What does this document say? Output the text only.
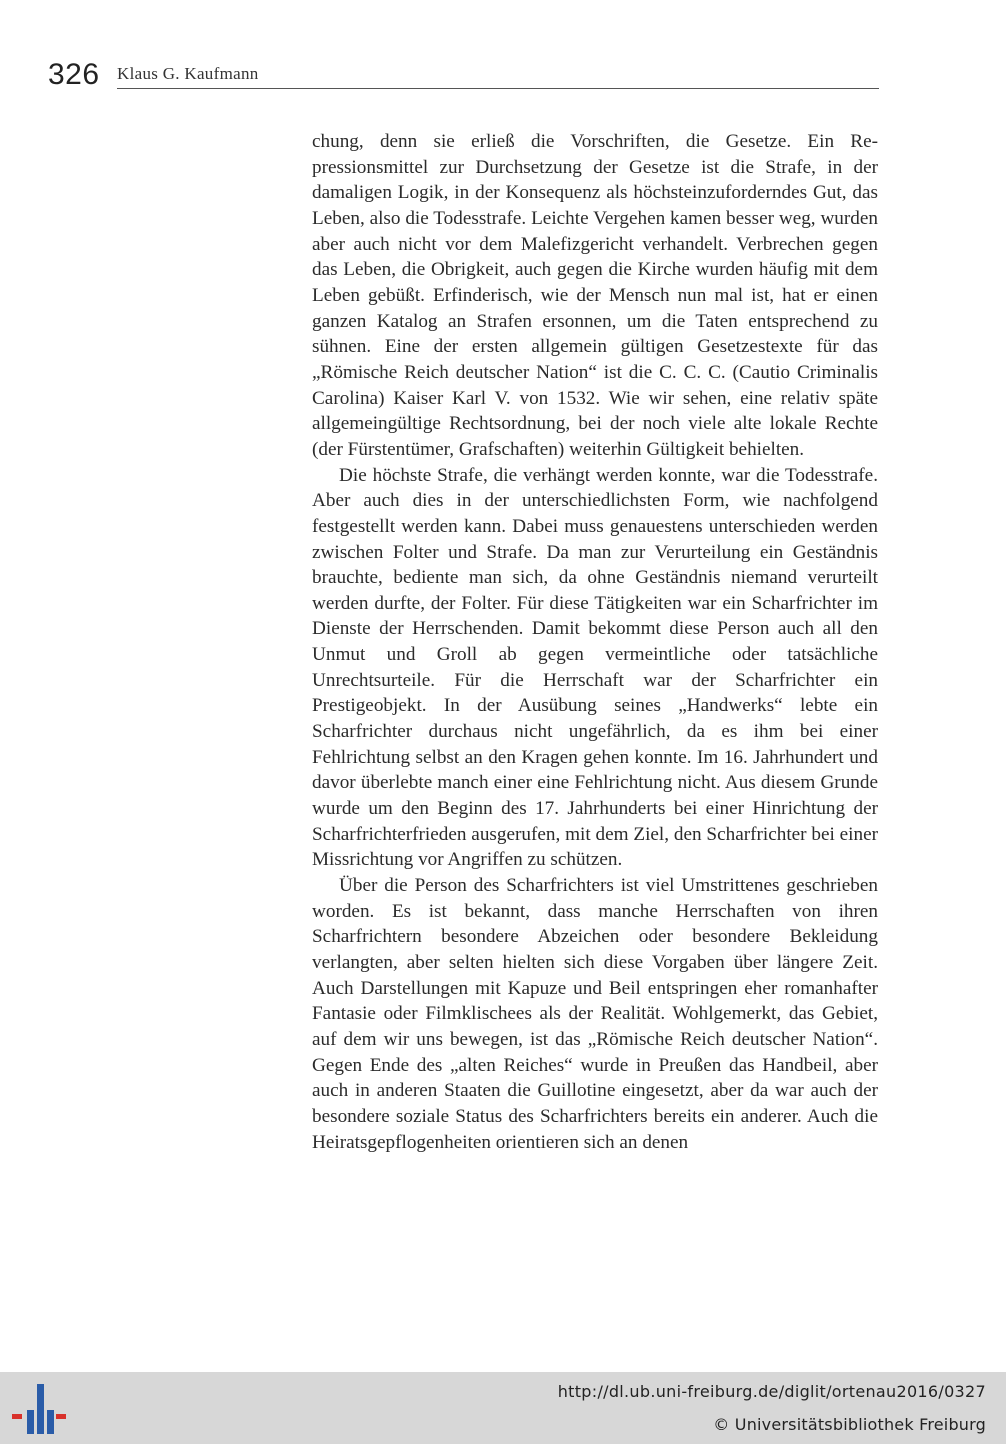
326 Klaus G. Kaufmann

chung, denn sie erließ die Vorschriften, die Gesetze. Ein Repressionsmittel zur Durchsetzung der Gesetze ist die Strafe, in der damaligen Logik, in der Konsequenz als höchsteinzuforderndes Gut, das Leben, also die Todesstrafe. Leichte Vergehen kamen besser weg, wurden aber auch nicht vor dem Malefizgericht verhandelt. Verbrechen gegen das Leben, die Obrigkeit, auch gegen die Kirche wurden häufig mit dem Leben gebüßt. Erfinderisch, wie der Mensch nun mal ist, hat er einen ganzen Katalog an Strafen ersonnen, um die Taten entsprechend zu sühnen. Eine der ersten allgemein gültigen Gesetzestexte für das „Römische Reich deutscher Nation“ ist die C. C. C. (Cautio Criminalis Carolina) Kaiser Karl V. von 1532. Wie wir sehen, eine relativ späte allgemeingültige Rechtsordnung, bei der noch viele alte lokale Rechte (der Fürstentümer, Grafschaften) weiterhin Gültigkeit behielten.

Die höchste Strafe, die verhängt werden konnte, war die Todesstrafe. Aber auch dies in der unterschiedlichsten Form, wie nachfolgend festgestellt werden kann. Dabei muss genauestens unterschieden werden zwischen Folter und Strafe. Da man zur Verurteilung ein Geständnis brauchte, bediente man sich, da ohne Geständnis niemand verurteilt werden durfte, der Folter. Für diese Tätigkeiten war ein Scharfrichter im Dienste der Herrschenden. Damit bekommt diese Person auch all den Unmut und Groll ab gegen vermeintliche oder tatsächliche Unrechtsurteile. Für die Herrschaft war der Scharfrichter ein Prestigeobjekt. In der Ausübung seines „Handwerks“ lebte ein Scharfrichter durchaus nicht ungefährlich, da es ihm bei einer Fehlrichtung selbst an den Kragen gehen konnte. Im 16. Jahrhundert und davor überlebte manch einer eine Fehlrichtung nicht. Aus diesem Grunde wurde um den Beginn des 17. Jahrhunderts bei einer Hinrichtung der Scharfrichterfrieden ausgerufen, mit dem Ziel, den Scharfrichter bei einer Missrichtung vor Angriffen zu schützen.

Über die Person des Scharfrichters ist viel Umstrittenes geschrieben worden. Es ist bekannt, dass manche Herrschaften von ihren Scharfrichtern besondere Abzeichen oder besondere Bekleidung verlangten, aber selten hielten sich diese Vorgaben über längere Zeit. Auch Darstellungen mit Kapuze und Beil entspringen eher romanhafter Fantasie oder Filmklischees als der Realität. Wohlgemerkt, das Gebiet, auf dem wir uns bewegen, ist das „Römische Reich deutscher Nation“. Gegen Ende des „alten Reiches“ wurde in Preußen das Handbeil, aber auch in anderen Staaten die Guillotine eingesetzt, aber da war auch der besondere soziale Status des Scharfrichters bereits ein anderer. Auch die Heiratsgepflogenheiten orientieren sich an denen

http://dl.ub.uni-freiburg.de/diglit/ortenau2016/0327
© Universitätsbibliothek Freiburg
